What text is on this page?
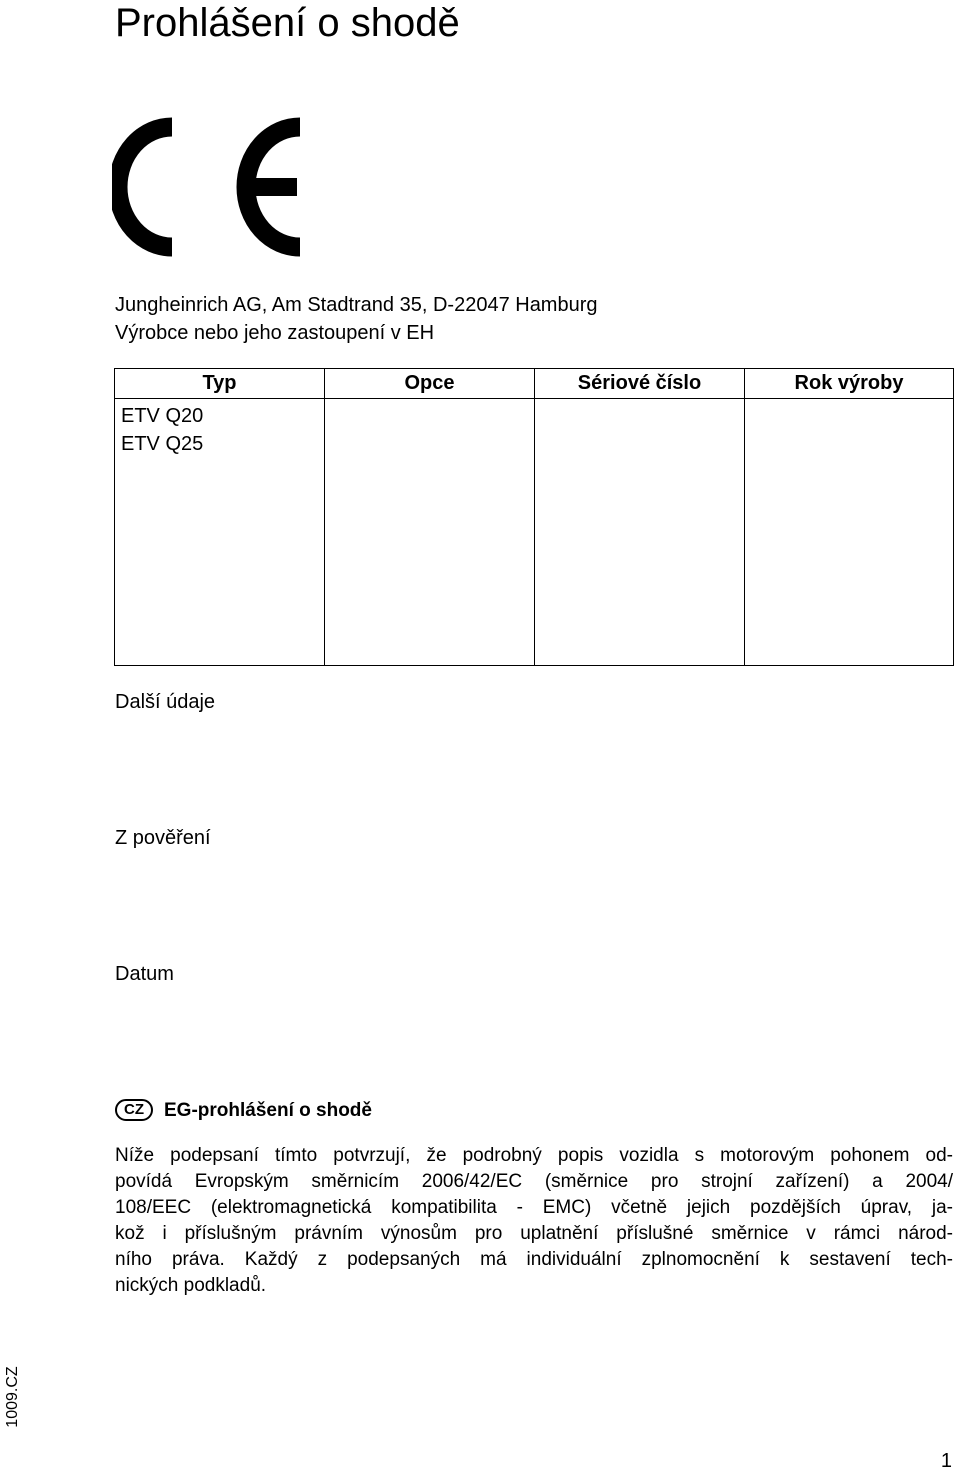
Prohlášení o shodě
Jungheinrich AG, Am Stadtrand 35, D-22047 Hamburg
Výrobce nebo jeho zastoupení v EH
Typ	Opce	Sériové číslo	Rok výroby
ETV Q20
ETV Q25
Další údaje
Z pověření
Datum
CZ	EG-prohlášení o shodě
Níže podepsaní tímto potvrzují, že podrobný popis vozidla s motorovým pohonem od-
povídá Evropským směrnicím 2006/42/EC (směrnice pro strojní zařízení) a 2004/
108/EEC (elektromagnetická kompatibilita - EMC) včetně jejich pozdějších úprav, ja-
kož i příslušným právním výnosům pro uplatnění příslušné směrnice v rámci národ-
ního práva. Každý z podepsaných má individuální zplnomocnění k sestavení tech-
nických podkladů.
1009.CZ
1
